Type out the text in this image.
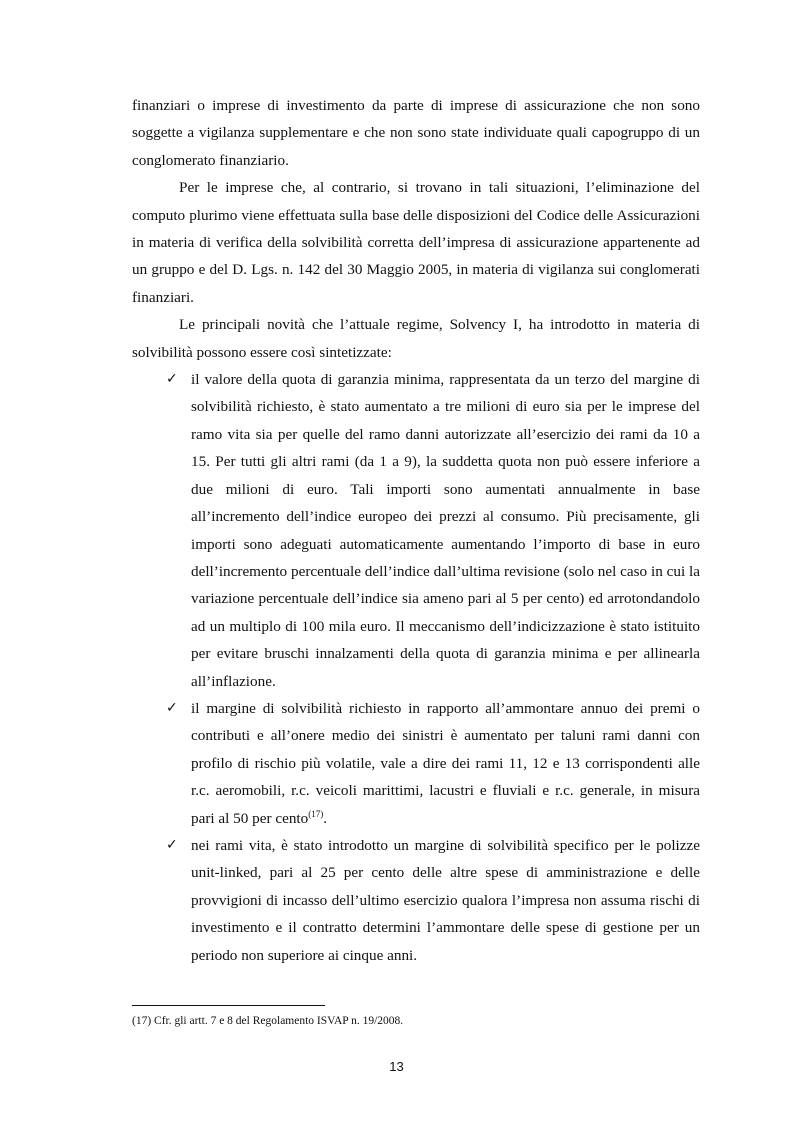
finanziari o imprese di investimento da parte di imprese di assicurazione che non sono soggette a vigilanza supplementare e che non sono state individuate quali capogruppo di un conglomerato finanziario.

Per le imprese che, al contrario, si trovano in tali situazioni, l’eliminazione del computo plurimo viene effettuata sulla base delle disposizioni del Codice delle Assicurazioni in materia di verifica della solvibilità corretta dell’impresa di assicurazione appartenente ad un gruppo e del D. Lgs. n. 142 del 30 Maggio 2005, in materia di vigilanza sui conglomerati finanziari.

Le principali novità che l’attuale regime, Solvency I, ha introdotto in materia di solvibilità possono essere così sintetizzate:

✓ il valore della quota di garanzia minima, rappresentata da un terzo del margine di solvibilità richiesto, è stato aumentato a tre milioni di euro sia per le imprese del ramo vita sia per quelle del ramo danni autorizzate all’esercizio dei rami da 10 a 15. Per tutti gli altri rami (da 1 a 9), la suddetta quota non può essere inferiore a due milioni di euro. Tali importi sono aumentati annualmente in base all’incremento dell’indice europeo dei prezzi al consumo. Più precisamente, gli importi sono adeguati automaticamente aumentando l’importo di base in euro dell’incremento percentuale dell’indice dall’ultima revisione (solo nel caso in cui la variazione percentuale dell’indice sia ameno pari al 5 per cento) ed arrotondandolo ad un multiplo di 100 mila euro. Il meccanismo dell’indicizzazione è stato istituito per evitare bruschi innalzamenti della quota di garanzia minima e per allinearla all’inflazione.
✓ il margine di solvibilità richiesto in rapporto all’ammontare annuo dei premi o contributi e all’onere medio dei sinistri è aumentato per taluni rami danni con profilo di rischio più volatile, vale a dire dei rami 11, 12 e 13 corrispondenti alle r.c. aeromobili, r.c. veicoli marittimi, lacustri e fluviali e r.c. generale, in misura pari al 50 per cento$^{(17)}$.
✓ nei rami vita, è stato introdotto un margine di solvibilità specifico per le polizze unit-linked, pari al 25 per cento delle altre spese di amministrazione e delle provvigioni di incasso dell’ultimo esercizio qualora l’impresa non assuma rischi di investimento e il contratto determini l’ammontare delle spese di gestione per un periodo non superiore ai cinque anni.
(17) Cfr. gli artt. 7 e 8 del Regolamento ISVAP n. 19/2008.
13
